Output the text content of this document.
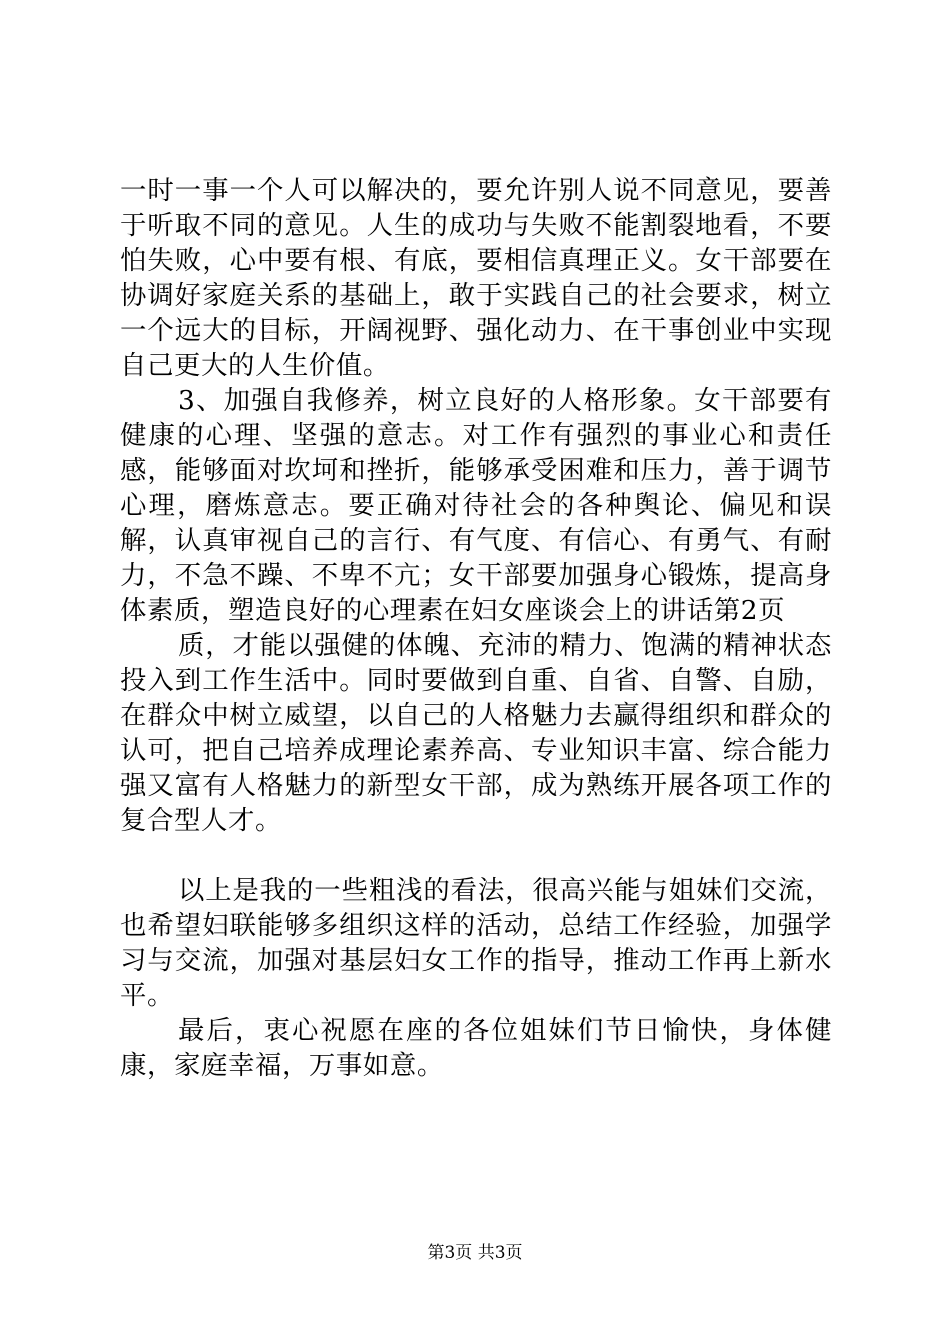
一时一事一个人可以解决的，要允许别人说不同意见，要善于听取不同的意见。人生的成功与失败不能割裂地看，不要怕失败，心中要有根、有底，要相信真理正义。女干部要在协调好家庭关系的基础上，敢于实践自己的社会要求，树立一个远大的目标，开阔视野、强化动力、在干事创业中实现自己更大的人生价值。

3、加强自我修养，树立良好的人格形象。女干部要有健康的心理、坚强的意志。对工作有强烈的事业心和责任感，能够面对坎坷和挫折，能够承受困难和压力，善于调节心理，磨炼意志。要正确对待社会的各种舆论、偏见和误解，认真审视自己的言行、有气度、有信心、有勇气、有耐力，不急不躁、不卑不亢；女干部要加强身心锻炼，提高身体素质，塑造良好的心理素在妇女座谈会上的讲话第2页

质，才能以强健的体魄、充沛的精力、饱满的精神状态投入到工作生活中。同时要做到自重、自省、自警、自励，在群众中树立威望，以自己的人格魅力去赢得组织和群众的认可，把自己培养成理论素养高、专业知识丰富、综合能力强又富有人格魅力的新型女干部，成为熟练开展各项工作的复合型人才。

以上是我的一些粗浅的看法，很高兴能与姐妹们交流，也希望妇联能够多组织这样的活动，总结工作经验，加强学习与交流，加强对基层妇女工作的指导，推动工作再上新水平。

最后，衷心祝愿在座的各位姐妹们节日愉快，身体健康，家庭幸福，万事如意。

第3页 共3页
